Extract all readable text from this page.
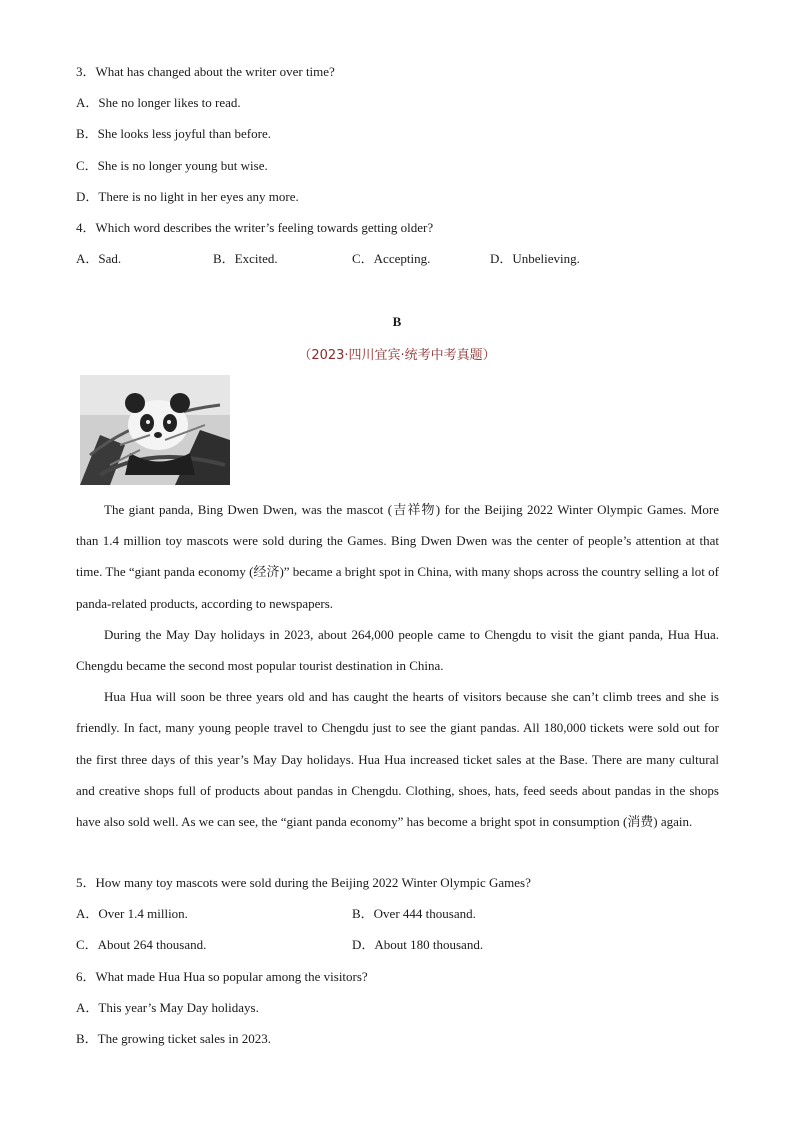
3．What has changed about the writer over time?
A．She no longer likes to read.
B．She looks less joyful than before.
C．She is no longer young but wise.
D．There is no light in her eyes any more.
4．Which word describes the writer’s feeling towards getting older?
A．Sad.	B．Excited.	C．Accepting.	D．Unbelieving.
B
（2023·四川宜宾·统考中考真题）

The giant panda, Bing Dwen Dwen, was the mascot (吉祥物) for the Beijing 2022 Winter Olympic Games. More than 1.4 million toy mascots were sold during the Games. Bing Dwen Dwen was the center of people’s attention at that time. The “giant panda economy (经济)” became a bright spot in China, with many shops across the country selling a lot of panda-related products, according to newspapers.

During the May Day holidays in 2023, about 264,000 people came to Chengdu to visit the giant panda, Hua Hua. Chengdu became the second most popular tourist destination in China.

Hua Hua will soon be three years old and has caught the hearts of visitors because she can’t climb trees and she is friendly. In fact, many young people travel to Chengdu just to see the giant pandas. All 180,000 tickets were sold out for the first three days of this year’s May Day holidays. Hua Hua increased ticket sales at the Base. There are many cultural and creative shops full of products about pandas in Chengdu. Clothing, shoes, hats, feed seeds about pandas in the shops have also sold well. As we can see, the “giant panda economy” has become a bright spot in consumption (消费) again.

5．How many toy mascots were sold during the Beijing 2022 Winter Olympic Games?
A．Over 1.4 million.	B．Over 444 thousand.
C．About 264 thousand.	D．About 180 thousand.
6．What made Hua Hua so popular among the visitors?
A．This year’s May Day holidays.
B．The growing ticket sales in 2023.
